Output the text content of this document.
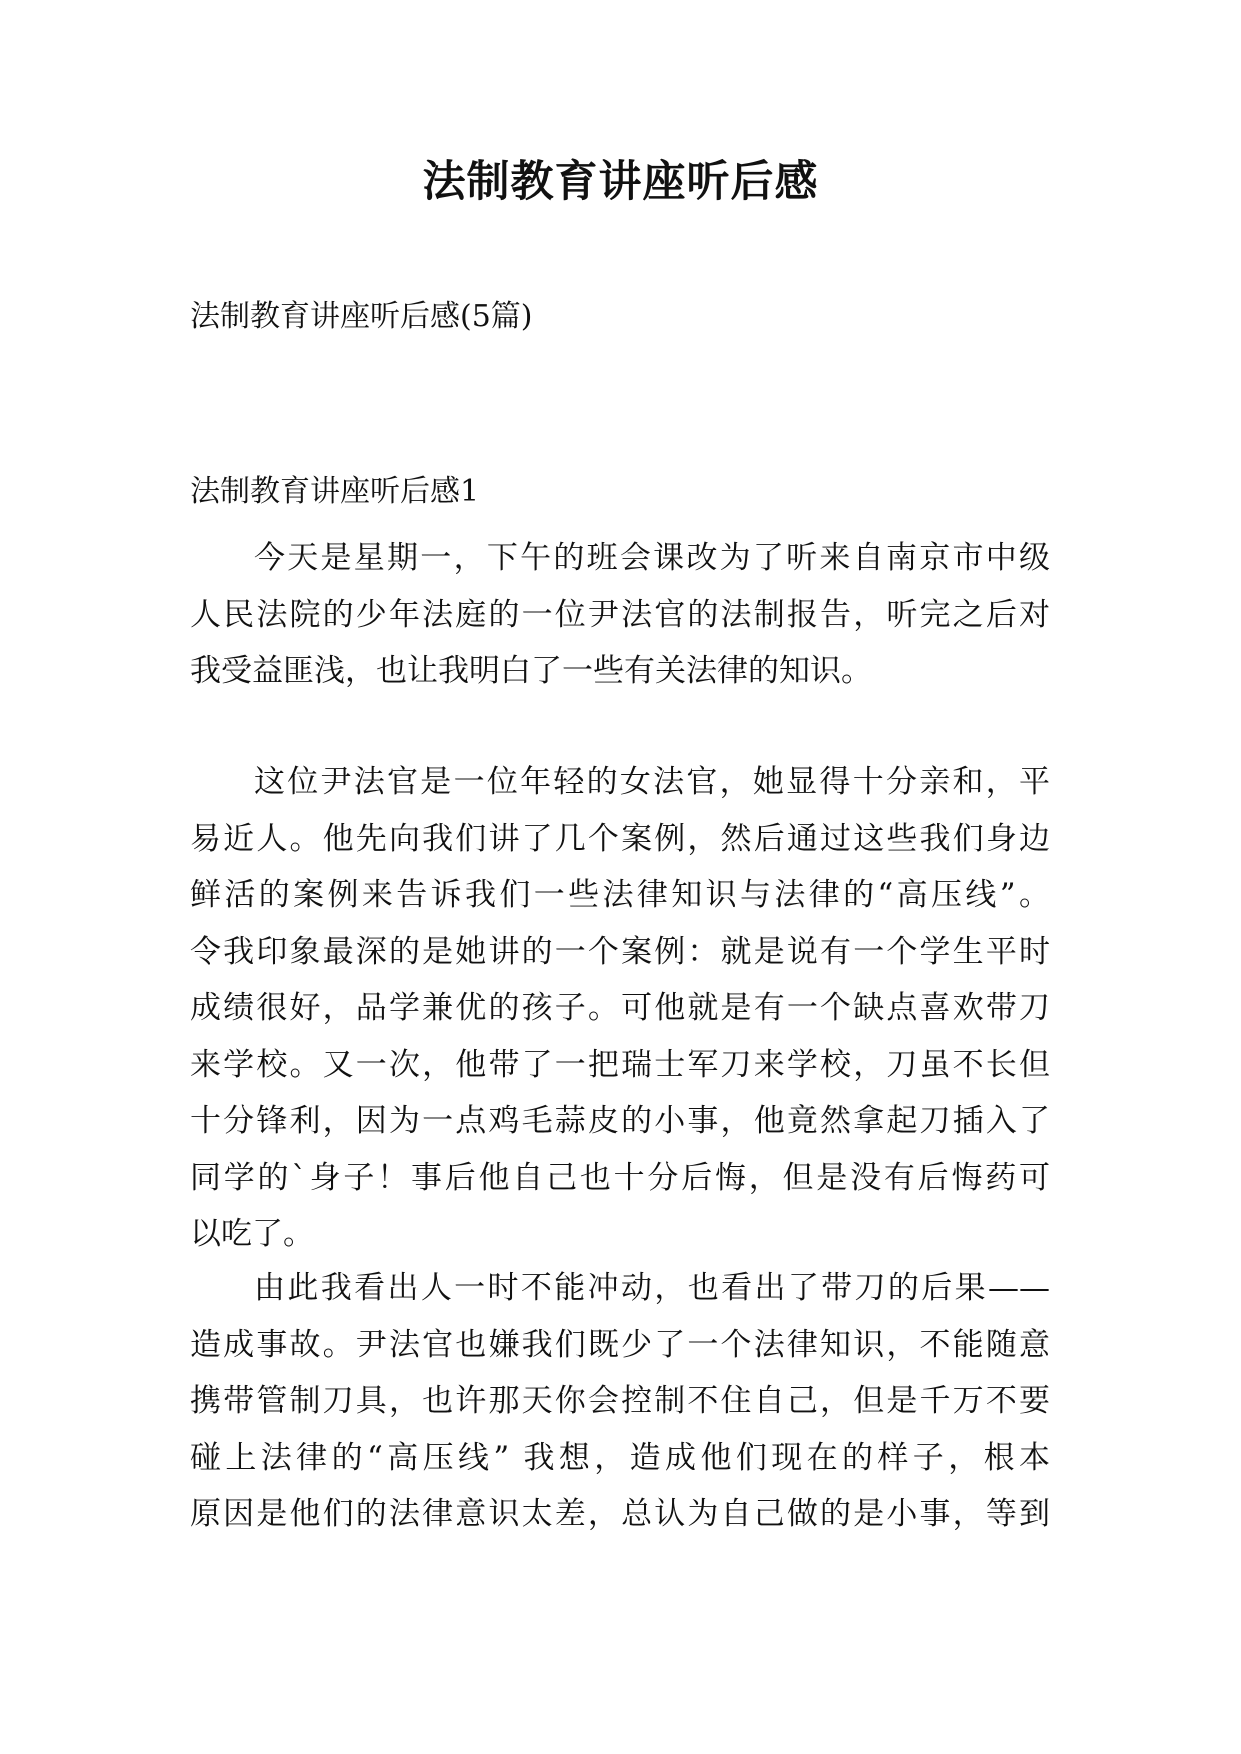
法制教育讲座听后感
法制教育讲座听后感(5篇)
法制教育讲座听后感1
今天是星期一，下午的班会课改为了听来自南京市中级
人民法院的少年法庭的一位尹法官的法制报告，听完之后对
我受益匪浅，也让我明白了一些有关法律的知识。
这位尹法官是一位年轻的女法官，她显得十分亲和，平
易近人。他先向我们讲了几个案例，然后通过这些我们身边
鲜活的案例来告诉我们一些法律知识与法律的“高压线”。
令我印象最深的是她讲的一个案例：就是说有一个学生平时
成绩很好，品学兼优的孩子。可他就是有一个缺点喜欢带刀
来学校。又一次，他带了一把瑞士军刀来学校，刀虽不长但
十分锋利，因为一点鸡毛蒜皮的小事，他竟然拿起刀插入了
同学的`身子！事后他自己也十分后悔，但是没有后悔药可
以吃了。
由此我看出人一时不能冲动，也看出了带刀的后果——
造成事故。尹法官也嫌我们既少了一个法律知识，不能随意
携带管制刀具，也许那天你会控制不住自己，但是千万不要
碰上法律的“高压线” 我想，造成他们现在的样子，根本
原因是他们的法律意识太差，总认为自己做的是小事，等到
